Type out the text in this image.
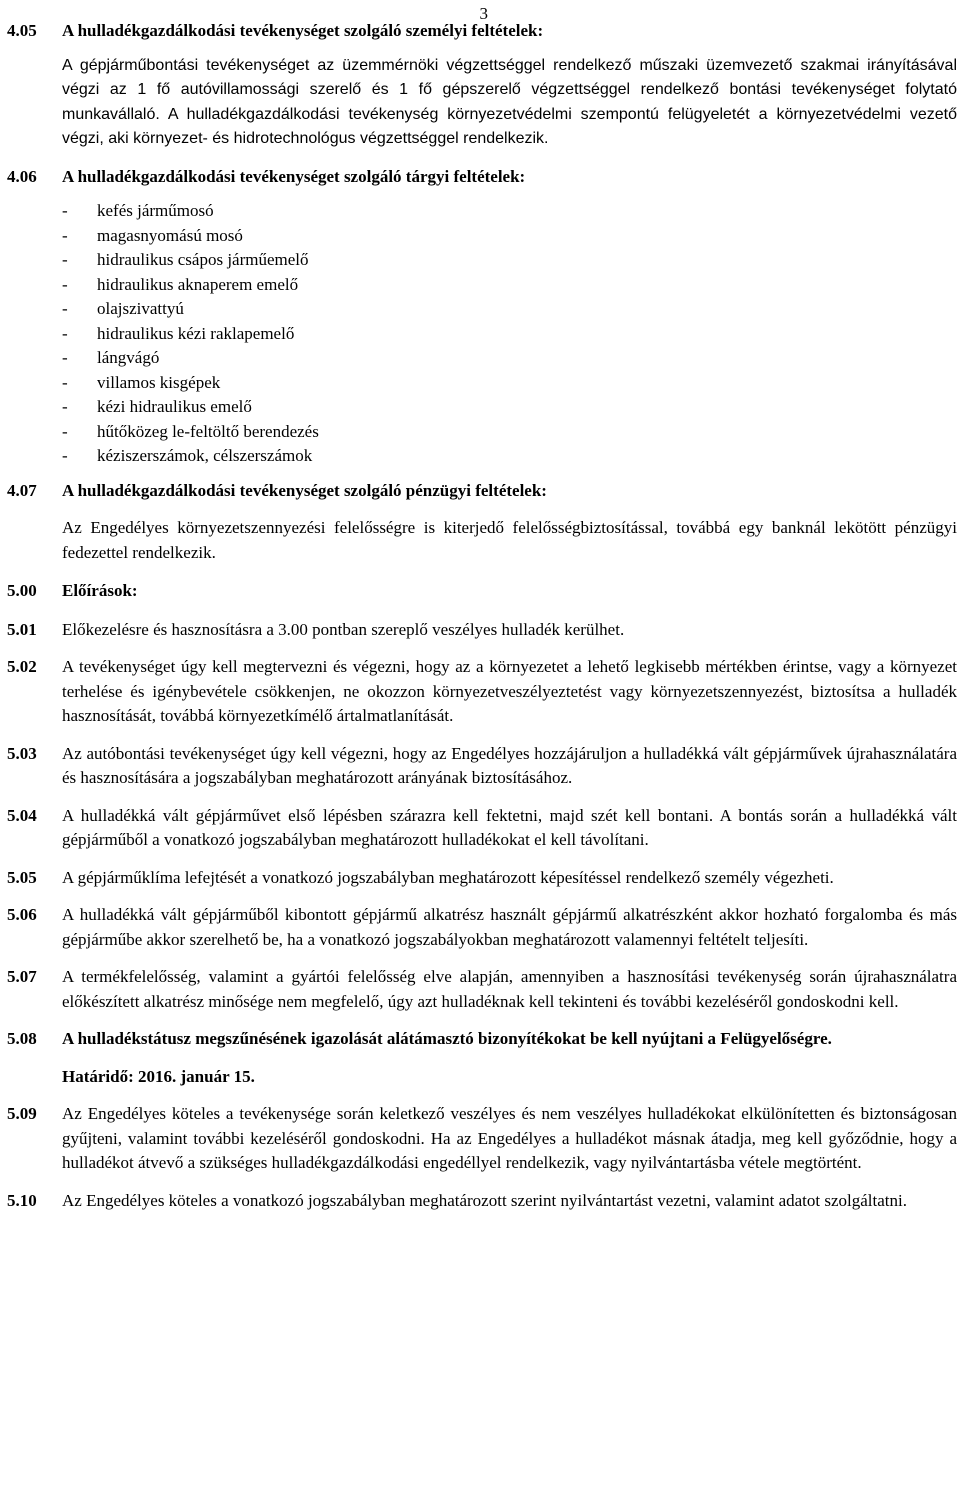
3
4.05	A hulladékgazdálkodási tevékenységet szolgáló személyi feltételek:
A gépjárműbontási tevékenységet az üzemmérnöki végzettséggel rendelkező műszaki üzemvezető szakmai irányításával végzi az 1 fő autóvillamossági szerelő és 1 fő gépszerelő végzettséggel rendelkező bontási tevékenységet folytató munkavállaló. A hulladékgazdálkodási tevékenység környezetvédelmi szempontú felügyeletét a környezetvédelmi vezető végzi, aki környezet- és hidrotechnológus végzettséggel rendelkezik.
4.06	A hulladékgazdálkodási tevékenységet szolgáló tárgyi feltételek:
-	kefés járműmosó
-	magasnyomású mosó
-	hidraulikus csápos járműemelő
-	hidraulikus aknaperem emelő
-	olajszivattyú
-	hidraulikus kézi raklapemelő
-	lángvágó
-	villamos kisgépek
-	kézi hidraulikus emelő
-	hűtőközeg le-feltöltő berendezés
-	kéziszerszámok, célszerszámok
4.07	A hulladékgazdálkodási tevékenységet szolgáló pénzügyi feltételek:
Az Engedélyes környezetszennyezési felelősségre is kiterjedő felelősségbiztosítással, továbbá egy banknál lekötött pénzügyi fedezettel rendelkezik.
5.00	Előírások:
5.01	Előkezelésre és hasznosításra a 3.00 pontban szereplő veszélyes hulladék kerülhet.
5.02	A tevékenységet úgy kell megtervezni és végezni, hogy az a környezetet a lehető legkisebb mértékben érintse, vagy a környezet terhelése és igénybevétele csökkenjen, ne okozzon környezetveszélyeztetést vagy környezetszennyezést, biztosítsa a hulladék hasznosítását, továbbá környezetkímélő ártalmatlanítását.
5.03	Az autóbontási tevékenységet úgy kell végezni, hogy az Engedélyes hozzájáruljon a hulladékká vált gépjárművek újrahasználatára és hasznosítására a jogszabályban meghatározott arányának biztosításához.
5.04	A hulladékká vált gépjárművet első lépésben szárazra kell fektetni, majd szét kell bontani. A bontás során a hulladékká vált gépjárműből a vonatkozó jogszabályban meghatározott hulladékokat el kell távolítani.
5.05	A gépjárműklíma lefejtését a vonatkozó jogszabályban meghatározott képesítéssel rendelkező személy végezheti.
5.06	A hulladékká vált gépjárműből kibontott gépjármű alkatrész használt gépjármű alkatrészként akkor hozható forgalomba és más gépjárműbe akkor szerelhető be, ha a vonatkozó jogszabályokban meghatározott valamennyi feltételt teljesíti.
5.07	A termékfelelősség, valamint a gyártói felelősség elve alapján, amennyiben a hasznosítási tevékenység során újrahasználatra előkészített alkatrész minősége nem megfelelő, úgy azt hulladéknak kell tekinteni és további kezeléséről gondoskodni kell.
5.08	A hulladékstátusz megszűnésének igazolását alátámasztó bizonyítékokat be kell nyújtani a Felügyelőségre.
Határidő: 2016. január 15.
5.09	Az Engedélyes köteles a tevékenysége során keletkező veszélyes és nem veszélyes hulladékokat elkülönítetten és biztonságosan gyűjteni, valamint további kezeléséről gondoskodni. Ha az Engedélyes a hulladékot másnak átadja, meg kell győződnie, hogy a hulladékot átvevő a szükséges hulladékgazdálkodási engedéllyel rendelkezik, vagy nyilvántartásba vétele megtörtént.
5.10	Az Engedélyes köteles a vonatkozó jogszabályban meghatározott szerint nyilvántartást vezetni, valamint adatot szolgáltatni.
